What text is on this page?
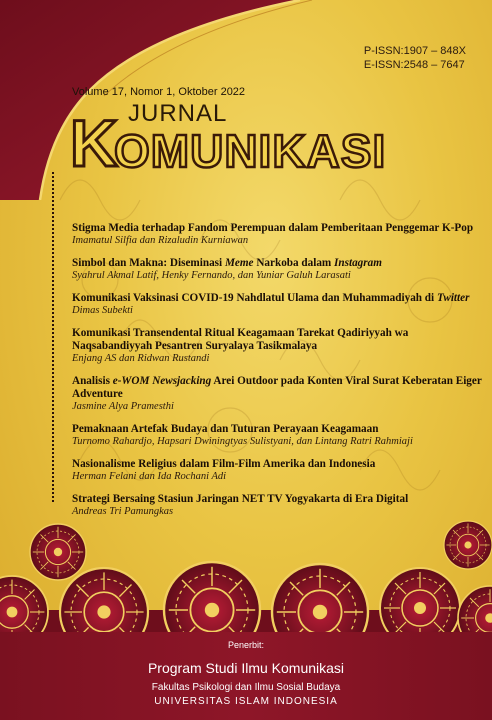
P-ISSN:1907 – 848X
E-ISSN:2548 – 7647
Volume 17, Nomor 1, Oktober 2022
JURNAL
K
OMUNIKASI
Stigma Media terhadap Fandom Perempuan dalam Pemberitaan Penggemar K-Pop
Imamatul Silfia dan Rizaludin Kurniawan
Simbol dan Makna: Diseminasi Meme Narkoba dalam Instagram
Syahrul Akmal Latif, Henky Fernando, dan Yuniar Galuh Larasati
Komunikasi Vaksinasi COVID-19 Nahdlatul Ulama dan Muhammadiyah di Twitter
Dimas Subekti
Komunikasi Transendental Ritual Keagamaan Tarekat Qadiriyyah wa Naqsabandiyyah Pesantren Suryalaya Tasikmalaya
Enjang AS dan Ridwan Rustandi
Analisis e-WOM Newsjacking Arei Outdoor pada Konten Viral Surat Keberatan Eiger Adventure
Jasmine Alya Pramesthi
Pemaknaan Artefak Budaya dan Tuturan Perayaan Keagamaan
Turnomo Rahardjo, Hapsari Dwiningtyas Sulistyani, dan Lintang Ratri Rahmiaji
Nasionalisme Religius dalam Film-Film Amerika dan Indonesia
Herman Felani dan Ida Rochani Adi
Strategi Bersaing Stasiun Jaringan NET TV Yogyakarta di Era Digital
Andreas Tri Pamungkas
Penerbit:
Program Studi Ilmu Komunikasi
Fakultas Psikologi dan Ilmu Sosial Budaya
UNIVERSITAS ISLAM INDONESIA
